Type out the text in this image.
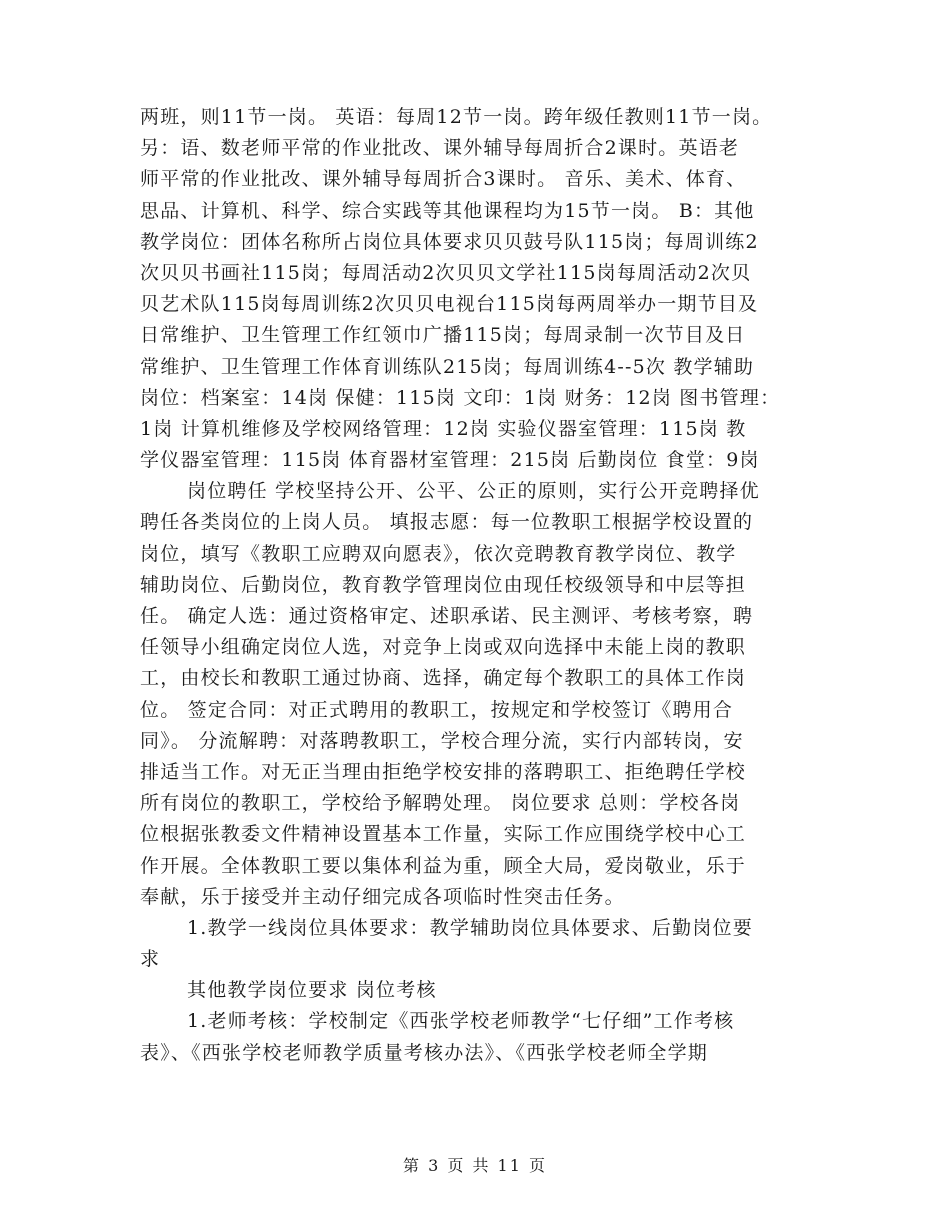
两班，则11节一岗。 英语：每周12节一岗。跨年级任教则11节一岗。
另：语、数老师平常的作业批改、课外辅导每周折合2课时。英语老
师平常的作业批改、课外辅导每周折合3课时。 音乐、美术、体育、
思品、计算机、科学、综合实践等其他课程均为15节一岗。 B：其他
教学岗位：团体名称所占岗位具体要求贝贝鼓号队115岗；每周训练2
次贝贝书画社115岗；每周活动2次贝贝文学社115岗每周活动2次贝
贝艺术队115岗每周训练2次贝贝电视台115岗每两周举办一期节目及
日常维护、卫生管理工作红领巾广播115岗；每周录制一次节目及日
常维护、卫生管理工作体育训练队215岗；每周训练4--5次 教学辅助
岗位：档案室：14岗 保健：115岗 文印：1岗 财务：12岗 图书管理：
1岗 计算机维修及学校网络管理：12岗 实验仪器室管理：115岗 教
学仪器室管理：115岗 体育器材室管理：215岗 后勤岗位 食堂：9岗
岗位聘任 学校坚持公开、公平、公正的原则，实行公开竞聘择优
聘任各类岗位的上岗人员。 填报志愿：每一位教职工根据学校设置的
岗位，填写《教职工应聘双向愿表》，依次竞聘教育教学岗位、教学
辅助岗位、后勤岗位，教育教学管理岗位由现任校级领导和中层等担
任。 确定人选：通过资格审定、述职承诺、民主测评、考核考察，聘
任领导小组确定岗位人选，对竞争上岗或双向选择中未能上岗的教职
工，由校长和教职工通过协商、选择，确定每个教职工的具体工作岗
位。 签定合同：对正式聘用的教职工，按规定和学校签订《聘用合
同》。 分流解聘：对落聘教职工，学校合理分流，实行内部转岗，安
排适当工作。对无正当理由拒绝学校安排的落聘职工、拒绝聘任学校
所有岗位的教职工，学校给予解聘处理。 岗位要求 总则：学校各岗
位根据张教委文件精神设置基本工作量，实际工作应围绕学校中心工
作开展。全体教职工要以集体利益为重，顾全大局，爱岗敬业，乐于
奉献，乐于接受并主动仔细完成各项临时性突击任务。
1.教学一线岗位具体要求：教学辅助岗位具体要求、后勤岗位要
求
其他教学岗位要求 岗位考核
1.老师考核：学校制定《西张学校老师教学“七仔细”工作考核
表》、《西张学校老师教学质量考核办法》、《西张学校老师全学期
第 3 页 共 11 页
